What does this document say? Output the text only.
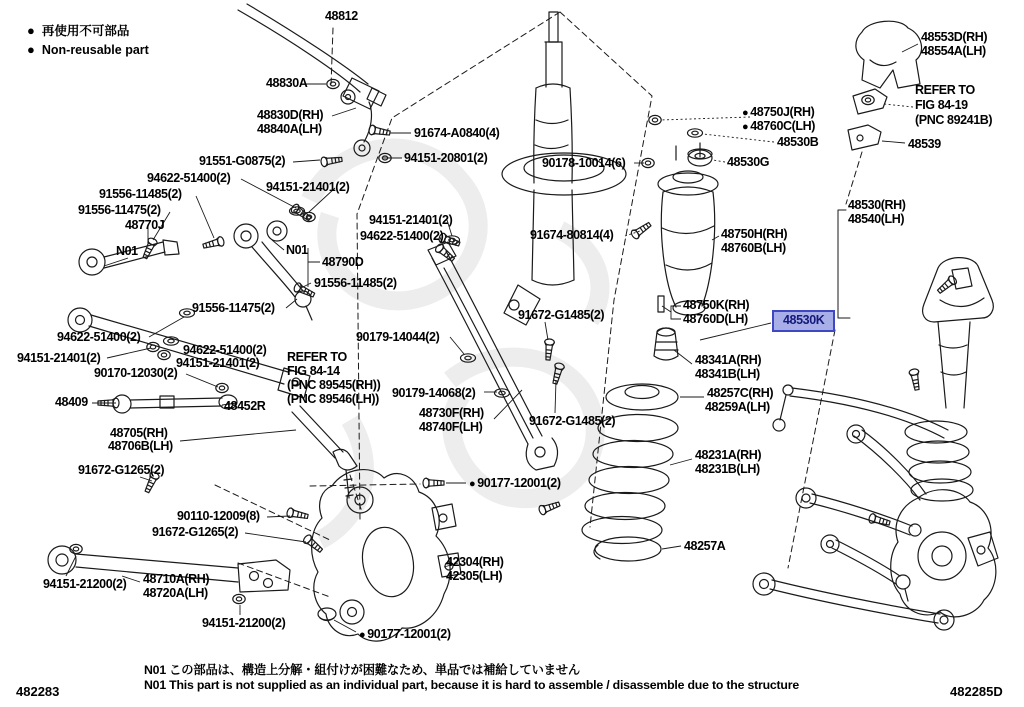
48812
48830A
48830D(RH)
48840A(LH)	91674-A0840(4)
91551-G0875(2)	94151-20801(2)	90178-10014(6)
94622-51400(2)
94151-21401(2)
91556-11485(2)
91556-11475(2)
48770J
N01
94151-21401(2)
94622-51400(2)	91674-80814(4)
N01
48790D
91556-11485(2)
91556-11475(2)
● 48750J(RH)
● 48760C(LH)
48530B
48530G
48530(RH)
48540(LH)
48750H(RH)
48760B(LH)
48553D(RH)
48554A(LH)
REFER TO
FIG 84-19
(PNC 89241B)
48539
48750K(RH)
48760D(LH)	48530K
91672-G1485(2)
48341A(RH)
48341B(LH)
94622-51400(2)
94151-21401(2)
94622-51400(2)
94151-21401(2)
90170-12030(2)
48409	48452R
48705(RH)
48706B(LH)
REFER TO
FIG 84-14
(PNC 89545(RH))
(PNC 89546(LH))
90179-14044(2)
90179-14068(2)
48730F(RH)
48740F(LH)	91672-G1485(2)
48257C(RH)
48259A(LH)
48231A(RH)
48231B(LH)
91672-G1265(2)
● 90177-12001(2)
90110-12009(8)
91672-G1265(2)
48710A(RH)
48720A(LH)
94151-21200(2)
42304(RH)
42305(LH)
48257A
94151-21200(2)
● 90177-12001(2)
● 再使用不可部品
● Non-reusable part
N01 この部品は、構造上分解・組付けが困難なため、単品では補給していません
N01 This part is not supplied as an individual part, because it is hard to assemble / disassemble due to the structure
482283	482285D
